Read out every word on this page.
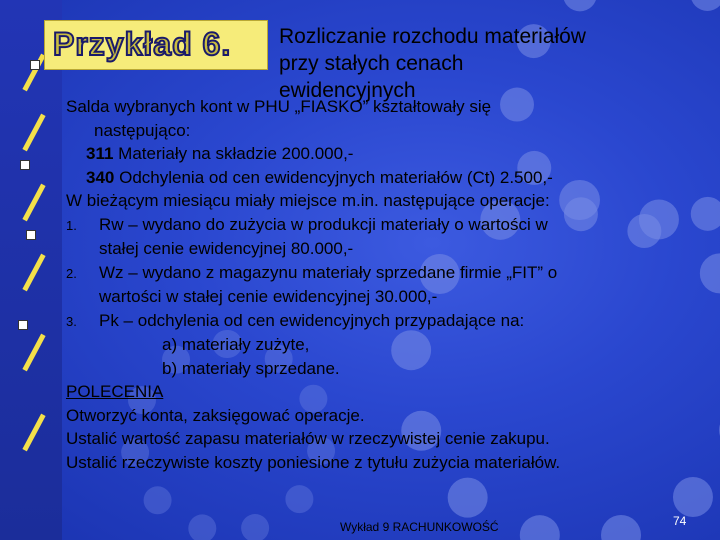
Przykład 6. Rozliczanie rozchodu materiałów
przy stałych cenach
ewidencyjnych
Salda wybranych kont w PHU „FIASKO” kształtowały się
następująco:
311 Materiały na składzie 200.000,-
340 Odchylenia od cen ewidencyjnych materiałów (Ct) 2.500,-
W bieżącym miesiącu miały miejsce m.in. następujące operacje:
1. Rw – wydano do zużycia w produkcji materiały o wartości w
stałej cenie ewidencyjnej 80.000,-
2. Wz – wydano z magazynu materiały sprzedane firmie „FIT” o
wartości w stałej cenie ewidencyjnej 30.000,-
3. Pk – odchylenia od cen ewidencyjnych przypadające na:
a) materiały zużyte,
b) materiały sprzedane.
POLECENIA
Otworzyć konta, zaksięgować operacje.
Ustalić wartość zapasu materiałów w rzeczywistej cenie zakupu.
Ustalić rzeczywiste koszty poniesione z tytułu zużycia materiałów.
Wykład 9 RACHUNKOWOŚĆ	74
